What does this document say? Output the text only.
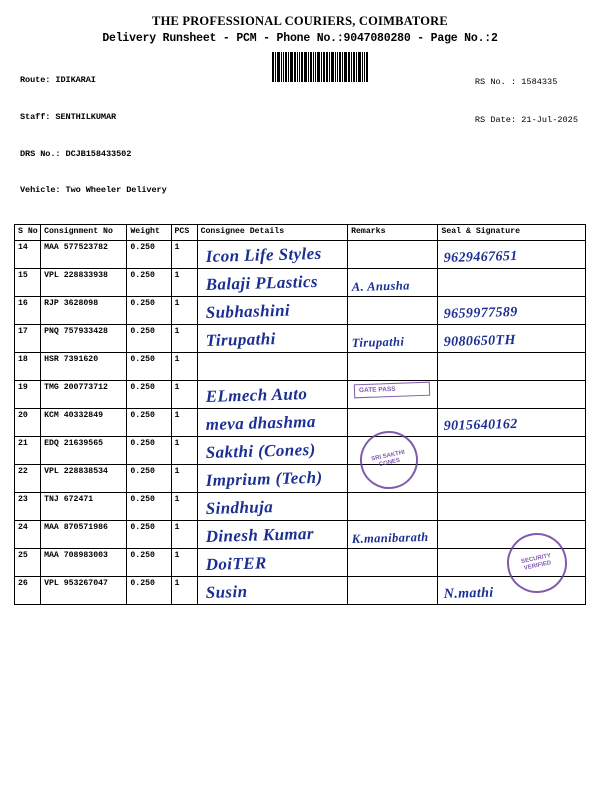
THE PROFESSIONAL COURIERS, COIMBATORE
Delivery Runsheet - PCM - Phone No.:9047080280 - Page No.:2

Route: IDIKARAI

Staff: SENTHILKUMAR

DRS No.: DCJB158433502

Vehicle: Two Wheeler Delivery

RS No. : 1584335

RS Date: 21-Jul-2025

S No	Consignment No	Weight	PCS	Consignee Details	Remarks	Seal & Signature
14	MAA 577523782	0.250	1	Icon Life Styles		9629467651

15	VPL 228833938	0.250	1	Balaji PLastics	A. Anusha	

16	RJP 3628098	0.250	1	Subhashini		9659977589

17	PNQ 757933428	0.250	1	Tirupathi	Tirupathi	9080650TH

18	HSR 7391620	0.250	1	

19	TMG 200773712	0.250	1	ELmech Auto	GATE PASS	

20	KCM 40332849	0.250	1	meva dhashma		9015640162

21	EDQ 21639565	0.250	1	Sakthi (Cones)	SRI SAKTHI CONES	

22	VPL 228838534	0.250	1	Imprium (Tech)		

23	TNJ 672471	0.250	1	Sindhuja		

24	MAA 870571986	0.250	1	Dinesh Kumar	K.manibarath	

25	MAA 708983003	0.250	1	DoiTER		SECURITY VERIFIED

26	VPL 953267047	0.250	1	Susin		N.mathi
